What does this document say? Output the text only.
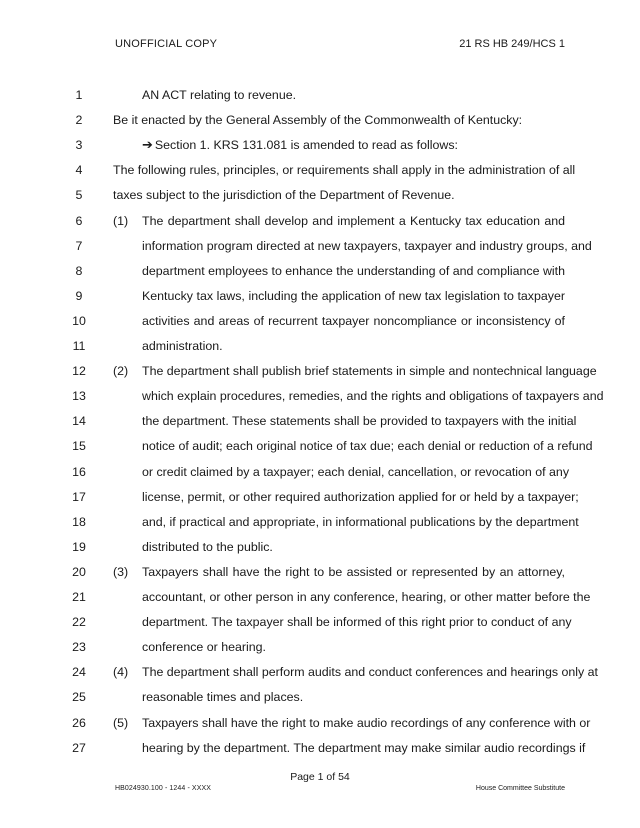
UNOFFICIAL COPY	21 RS HB 249/HCS 1
1	AN ACT relating to revenue.
2	Be it enacted by the General Assembly of the Commonwealth of Kentucky:
3	➔ Section 1. KRS 131.081 is amended to read as follows:
4	The following rules, principles, or requirements shall apply in the administration of all
5	taxes subject to the jurisdiction of the Department of Revenue.
6	(1) The department shall develop and implement a Kentucky tax education and
7	information program directed at new taxpayers, taxpayer and industry groups, and
8	department employees to enhance the understanding of and compliance with
9	Kentucky tax laws, including the application of new tax legislation to taxpayer
10	activities and areas of recurrent taxpayer noncompliance or inconsistency of
11	administration.
12	(2) The department shall publish brief statements in simple and nontechnical language
13	which explain procedures, remedies, and the rights and obligations of taxpayers and
14	the department. These statements shall be provided to taxpayers with the initial
15	notice of audit; each original notice of tax due; each denial or reduction of a refund
16	or credit claimed by a taxpayer; each denial, cancellation, or revocation of any
17	license, permit, or other required authorization applied for or held by a taxpayer;
18	and, if practical and appropriate, in informational publications by the department
19	distributed to the public.
20	(3) Taxpayers shall have the right to be assisted or represented by an attorney,
21	accountant, or other person in any conference, hearing, or other matter before the
22	department. The taxpayer shall be informed of this right prior to conduct of any
23	conference or hearing.
24	(4) The department shall perform audits and conduct conferences and hearings only at
25	reasonable times and places.
26	(5) Taxpayers shall have the right to make audio recordings of any conference with or
27	hearing by the department. The department may make similar audio recordings if
Page 1 of 54
HB024930.100 - 1244 - XXXX	House Committee Substitute
